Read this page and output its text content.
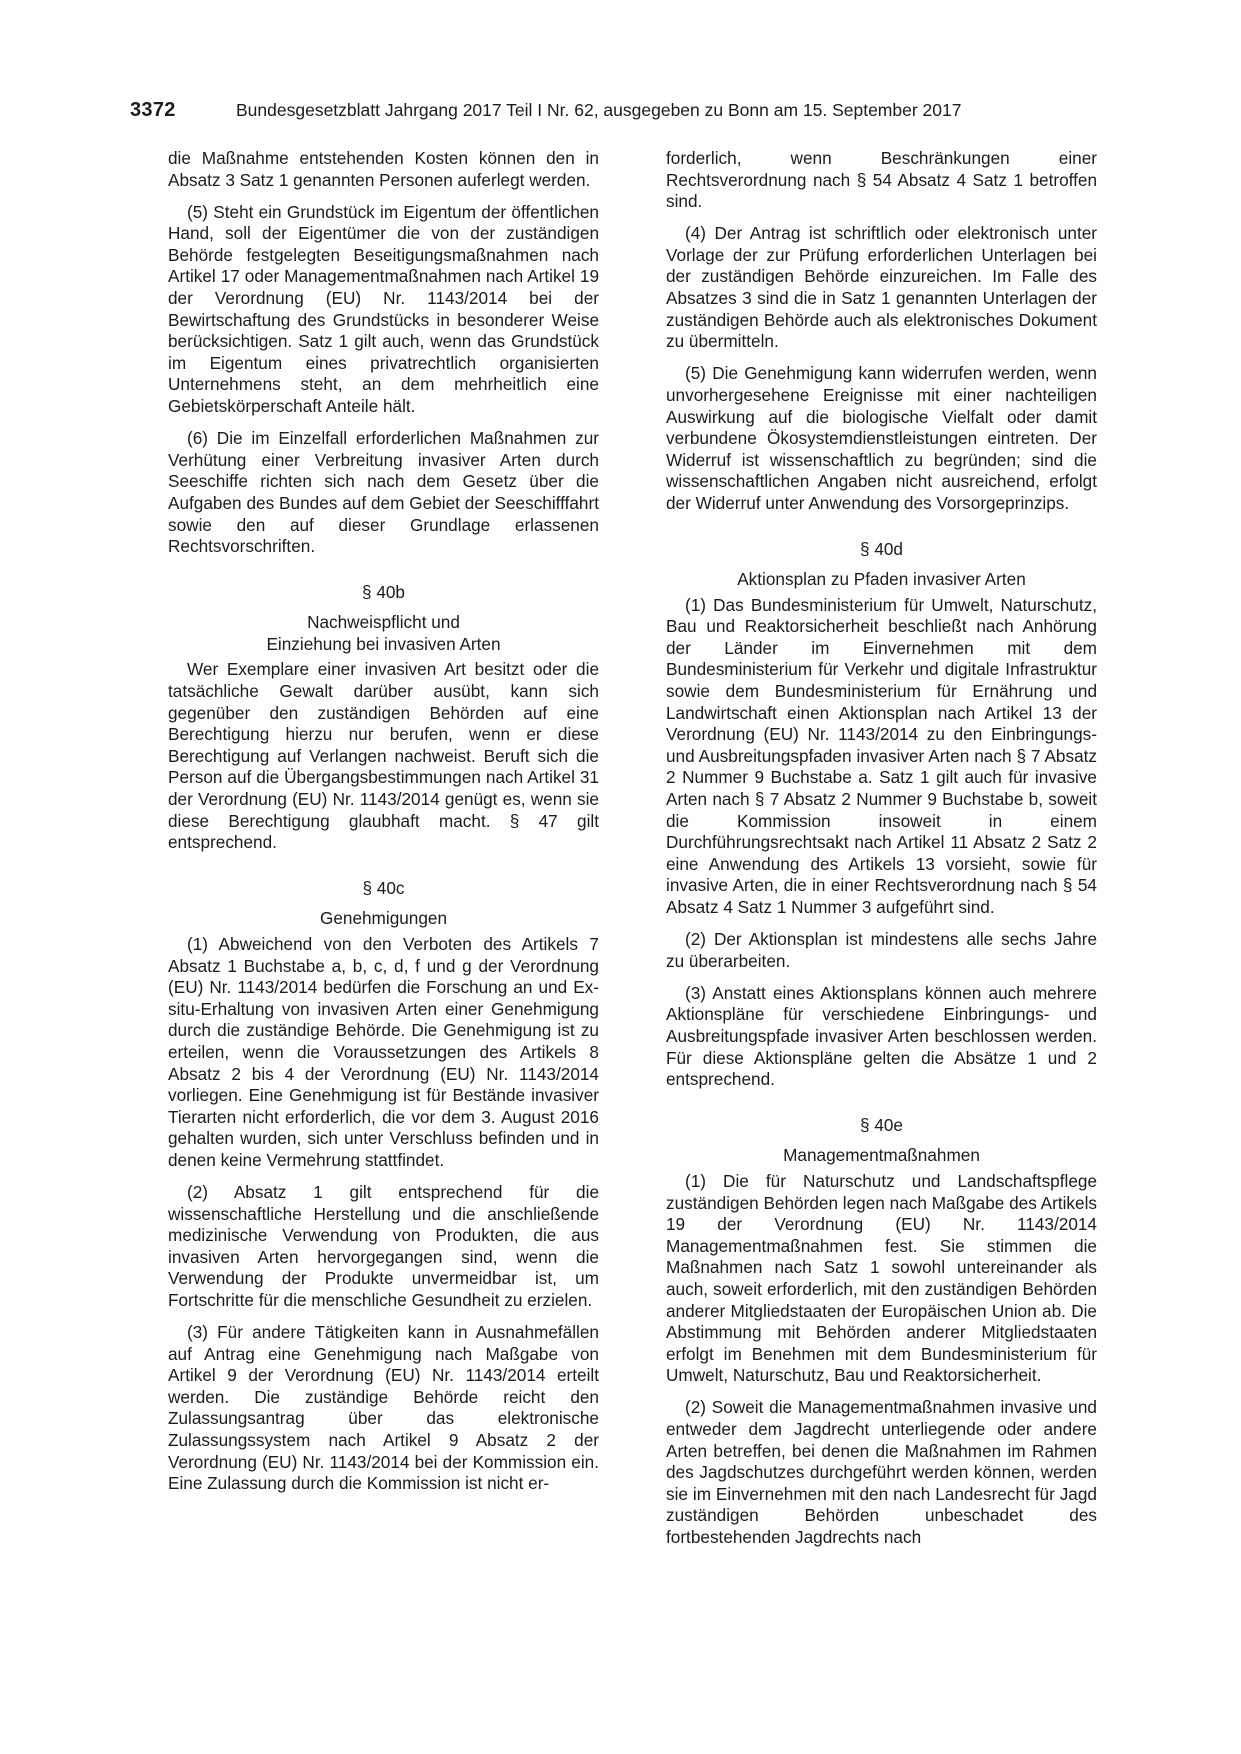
3372	Bundesgesetzblatt Jahrgang 2017 Teil I Nr. 62, ausgegeben zu Bonn am 15. September 2017

die Maßnahme entstehenden Kosten können den in Absatz 3 Satz 1 genannten Personen auferlegt werden.

(5) Steht ein Grundstück im Eigentum der öffentlichen Hand, soll der Eigentümer die von der zuständigen Behörde festgelegten Beseitigungsmaßnahmen nach Artikel 17 oder Managementmaßnahmen nach Artikel 19 der Verordnung (EU) Nr. 1143/2014 bei der Bewirtschaftung des Grundstücks in besonderer Weise berücksichtigen. Satz 1 gilt auch, wenn das Grundstück im Eigentum eines privatrechtlich organisierten Unternehmens steht, an dem mehrheitlich eine Gebietskörperschaft Anteile hält.

(6) Die im Einzelfall erforderlichen Maßnahmen zur Verhütung einer Verbreitung invasiver Arten durch Seeschiffe richten sich nach dem Gesetz über die Aufgaben des Bundes auf dem Gebiet der Seeschifffahrt sowie den auf dieser Grundlage erlassenen Rechtsvorschriften.

§ 40b
Nachweispflicht und
Einziehung bei invasiven Arten

Wer Exemplare einer invasiven Art besitzt oder die tatsächliche Gewalt darüber ausübt, kann sich gegenüber den zuständigen Behörden auf eine Berechtigung hierzu nur berufen, wenn er diese Berechtigung auf Verlangen nachweist. Beruft sich die Person auf die Übergangsbestimmungen nach Artikel 31 der Verordnung (EU) Nr. 1143/2014 genügt es, wenn sie diese Berechtigung glaubhaft macht. § 47 gilt entsprechend.

§ 40c
Genehmigungen

(1) Abweichend von den Verboten des Artikels 7 Absatz 1 Buchstabe a, b, c, d, f und g der Verordnung (EU) Nr. 1143/2014 bedürfen die Forschung an und Ex-situ-Erhaltung von invasiven Arten einer Genehmigung durch die zuständige Behörde. Die Genehmigung ist zu erteilen, wenn die Voraussetzungen des Artikels 8 Absatz 2 bis 4 der Verordnung (EU) Nr. 1143/2014 vorliegen. Eine Genehmigung ist für Bestände invasiver Tierarten nicht erforderlich, die vor dem 3. August 2016 gehalten wurden, sich unter Verschluss befinden und in denen keine Vermehrung stattfindet.

(2) Absatz 1 gilt entsprechend für die wissenschaftliche Herstellung und die anschließende medizinische Verwendung von Produkten, die aus invasiven Arten hervorgegangen sind, wenn die Verwendung der Produkte unvermeidbar ist, um Fortschritte für die menschliche Gesundheit zu erzielen.

(3) Für andere Tätigkeiten kann in Ausnahmefällen auf Antrag eine Genehmigung nach Maßgabe von Artikel 9 der Verordnung (EU) Nr. 1143/2014 erteilt werden. Die zuständige Behörde reicht den Zulassungsantrag über das elektronische Zulassungssystem nach Artikel 9 Absatz 2 der Verordnung (EU) Nr. 1143/2014 bei der Kommission ein. Eine Zulassung durch die Kommission ist nicht er-

forderlich, wenn Beschränkungen einer Rechtsverordnung nach § 54 Absatz 4 Satz 1 betroffen sind.

(4) Der Antrag ist schriftlich oder elektronisch unter Vorlage der zur Prüfung erforderlichen Unterlagen bei der zuständigen Behörde einzureichen. Im Falle des Absatzes 3 sind die in Satz 1 genannten Unterlagen der zuständigen Behörde auch als elektronisches Dokument zu übermitteln.

(5) Die Genehmigung kann widerrufen werden, wenn unvorhergesehene Ereignisse mit einer nachteiligen Auswirkung auf die biologische Vielfalt oder damit verbundene Ökosystemdienstleistungen eintreten. Der Widerruf ist wissenschaftlich zu begründen; sind die wissenschaftlichen Angaben nicht ausreichend, erfolgt der Widerruf unter Anwendung des Vorsorgeprinzips.

§ 40d
Aktionsplan zu Pfaden invasiver Arten

(1) Das Bundesministerium für Umwelt, Naturschutz, Bau und Reaktorsicherheit beschließt nach Anhörung der Länder im Einvernehmen mit dem Bundesministerium für Verkehr und digitale Infrastruktur sowie dem Bundesministerium für Ernährung und Landwirtschaft einen Aktionsplan nach Artikel 13 der Verordnung (EU) Nr. 1143/2014 zu den Einbringungs- und Ausbreitungspfaden invasiver Arten nach § 7 Absatz 2 Nummer 9 Buchstabe a. Satz 1 gilt auch für invasive Arten nach § 7 Absatz 2 Nummer 9 Buchstabe b, soweit die Kommission insoweit in einem Durchführungsrechtsakt nach Artikel 11 Absatz 2 Satz 2 eine Anwendung des Artikels 13 vorsieht, sowie für invasive Arten, die in einer Rechtsverordnung nach § 54 Absatz 4 Satz 1 Nummer 3 aufgeführt sind.

(2) Der Aktionsplan ist mindestens alle sechs Jahre zu überarbeiten.

(3) Anstatt eines Aktionsplans können auch mehrere Aktionspläne für verschiedene Einbringungs- und Ausbreitungspfade invasiver Arten beschlossen werden. Für diese Aktionspläne gelten die Absätze 1 und 2 entsprechend.

§ 40e
Managementmaßnahmen

(1) Die für Naturschutz und Landschaftspflege zuständigen Behörden legen nach Maßgabe des Artikels 19 der Verordnung (EU) Nr. 1143/2014 Managementmaßnahmen fest. Sie stimmen die Maßnahmen nach Satz 1 sowohl untereinander als auch, soweit erforderlich, mit den zuständigen Behörden anderer Mitgliedstaaten der Europäischen Union ab. Die Abstimmung mit Behörden anderer Mitgliedstaaten erfolgt im Benehmen mit dem Bundesministerium für Umwelt, Naturschutz, Bau und Reaktorsicherheit.

(2) Soweit die Managementmaßnahmen invasive und entweder dem Jagdrecht unterliegende oder andere Arten betreffen, bei denen die Maßnahmen im Rahmen des Jagdschutzes durchgeführt werden können, werden sie im Einvernehmen mit den nach Landesrecht für Jagd zuständigen Behörden unbeschadet des fortbestehenden Jagdrechts nach
